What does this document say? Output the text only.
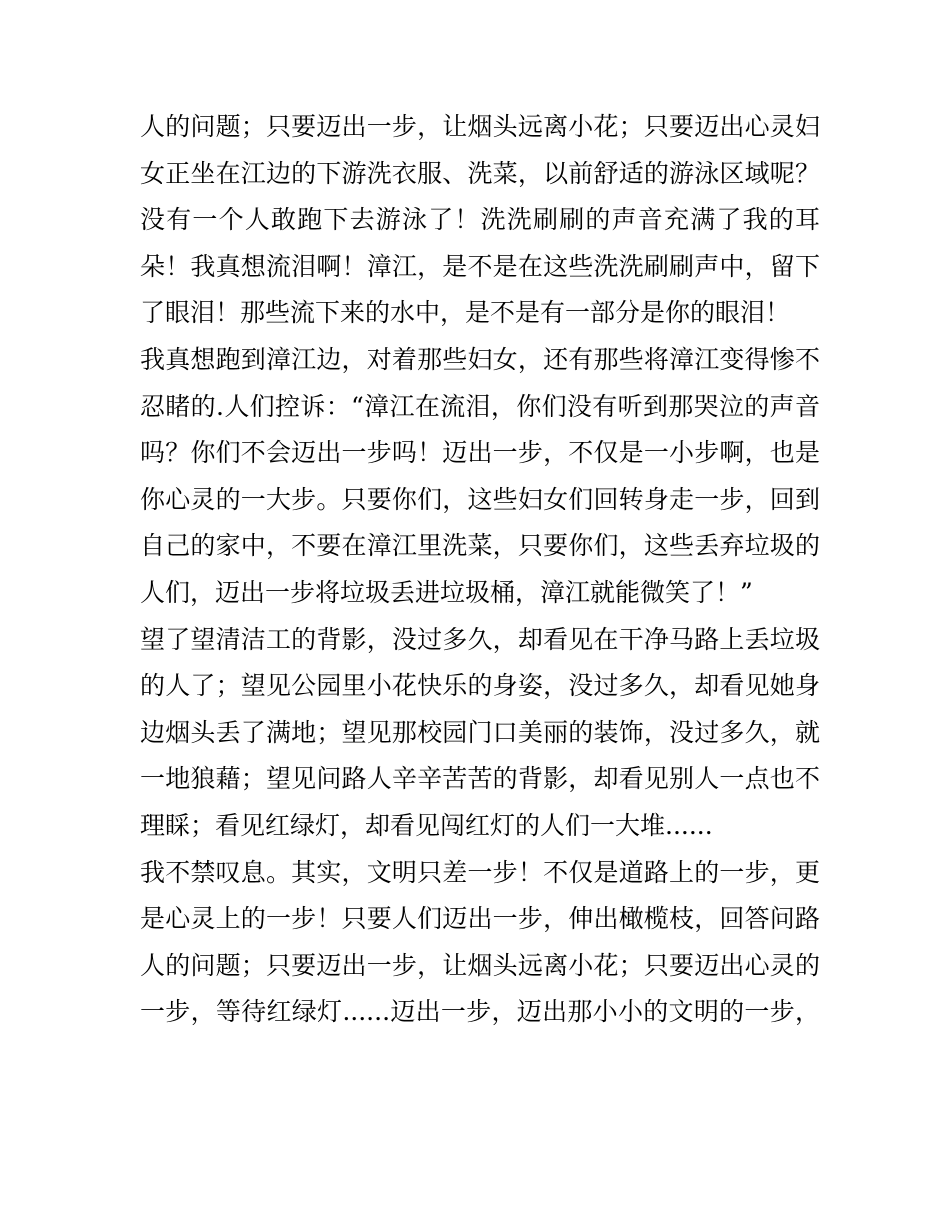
人的问题；只要迈出一步，让烟头远离小花；只要迈出心灵妇
女正坐在江边的下游洗衣服、洗菜，以前舒适的游泳区域呢？
没有一个人敢跑下去游泳了！洗洗刷刷的声音充满了我的耳
朵！我真想流泪啊！漳江，是不是在这些洗洗刷刷声中，留下
了眼泪！那些流下来的水中，是不是有一部分是你的眼泪！
我真想跑到漳江边，对着那些妇女，还有那些将漳江变得惨不
忍睹的.人们控诉：“漳江在流泪，你们没有听到那哭泣的声音
吗？你们不会迈出一步吗！迈出一步，不仅是一小步啊，也是
你心灵的一大步。只要你们，这些妇女们回转身走一步，回到
自己的家中，不要在漳江里洗菜，只要你们，这些丢弃垃圾的
人们，迈出一步将垃圾丢进垃圾桶，漳江就能微笑了！”
望了望清洁工的背影，没过多久，却看见在干净马路上丢垃圾
的人了；望见公园里小花快乐的身姿，没过多久，却看见她身
边烟头丢了满地；望见那校园门口美丽的装饰，没过多久，就
一地狼藉；望见问路人辛辛苦苦的背影，却看见别人一点也不
理睬；看见红绿灯，却看见闯红灯的人们一大堆......
我不禁叹息。其实，文明只差一步！不仅是道路上的一步，更
是心灵上的一步！只要人们迈出一步，伸出橄榄枝，回答问路
人的问题；只要迈出一步，让烟头远离小花；只要迈出心灵的
一步，等待红绿灯......迈出一步，迈出那小小的文明的一步，
